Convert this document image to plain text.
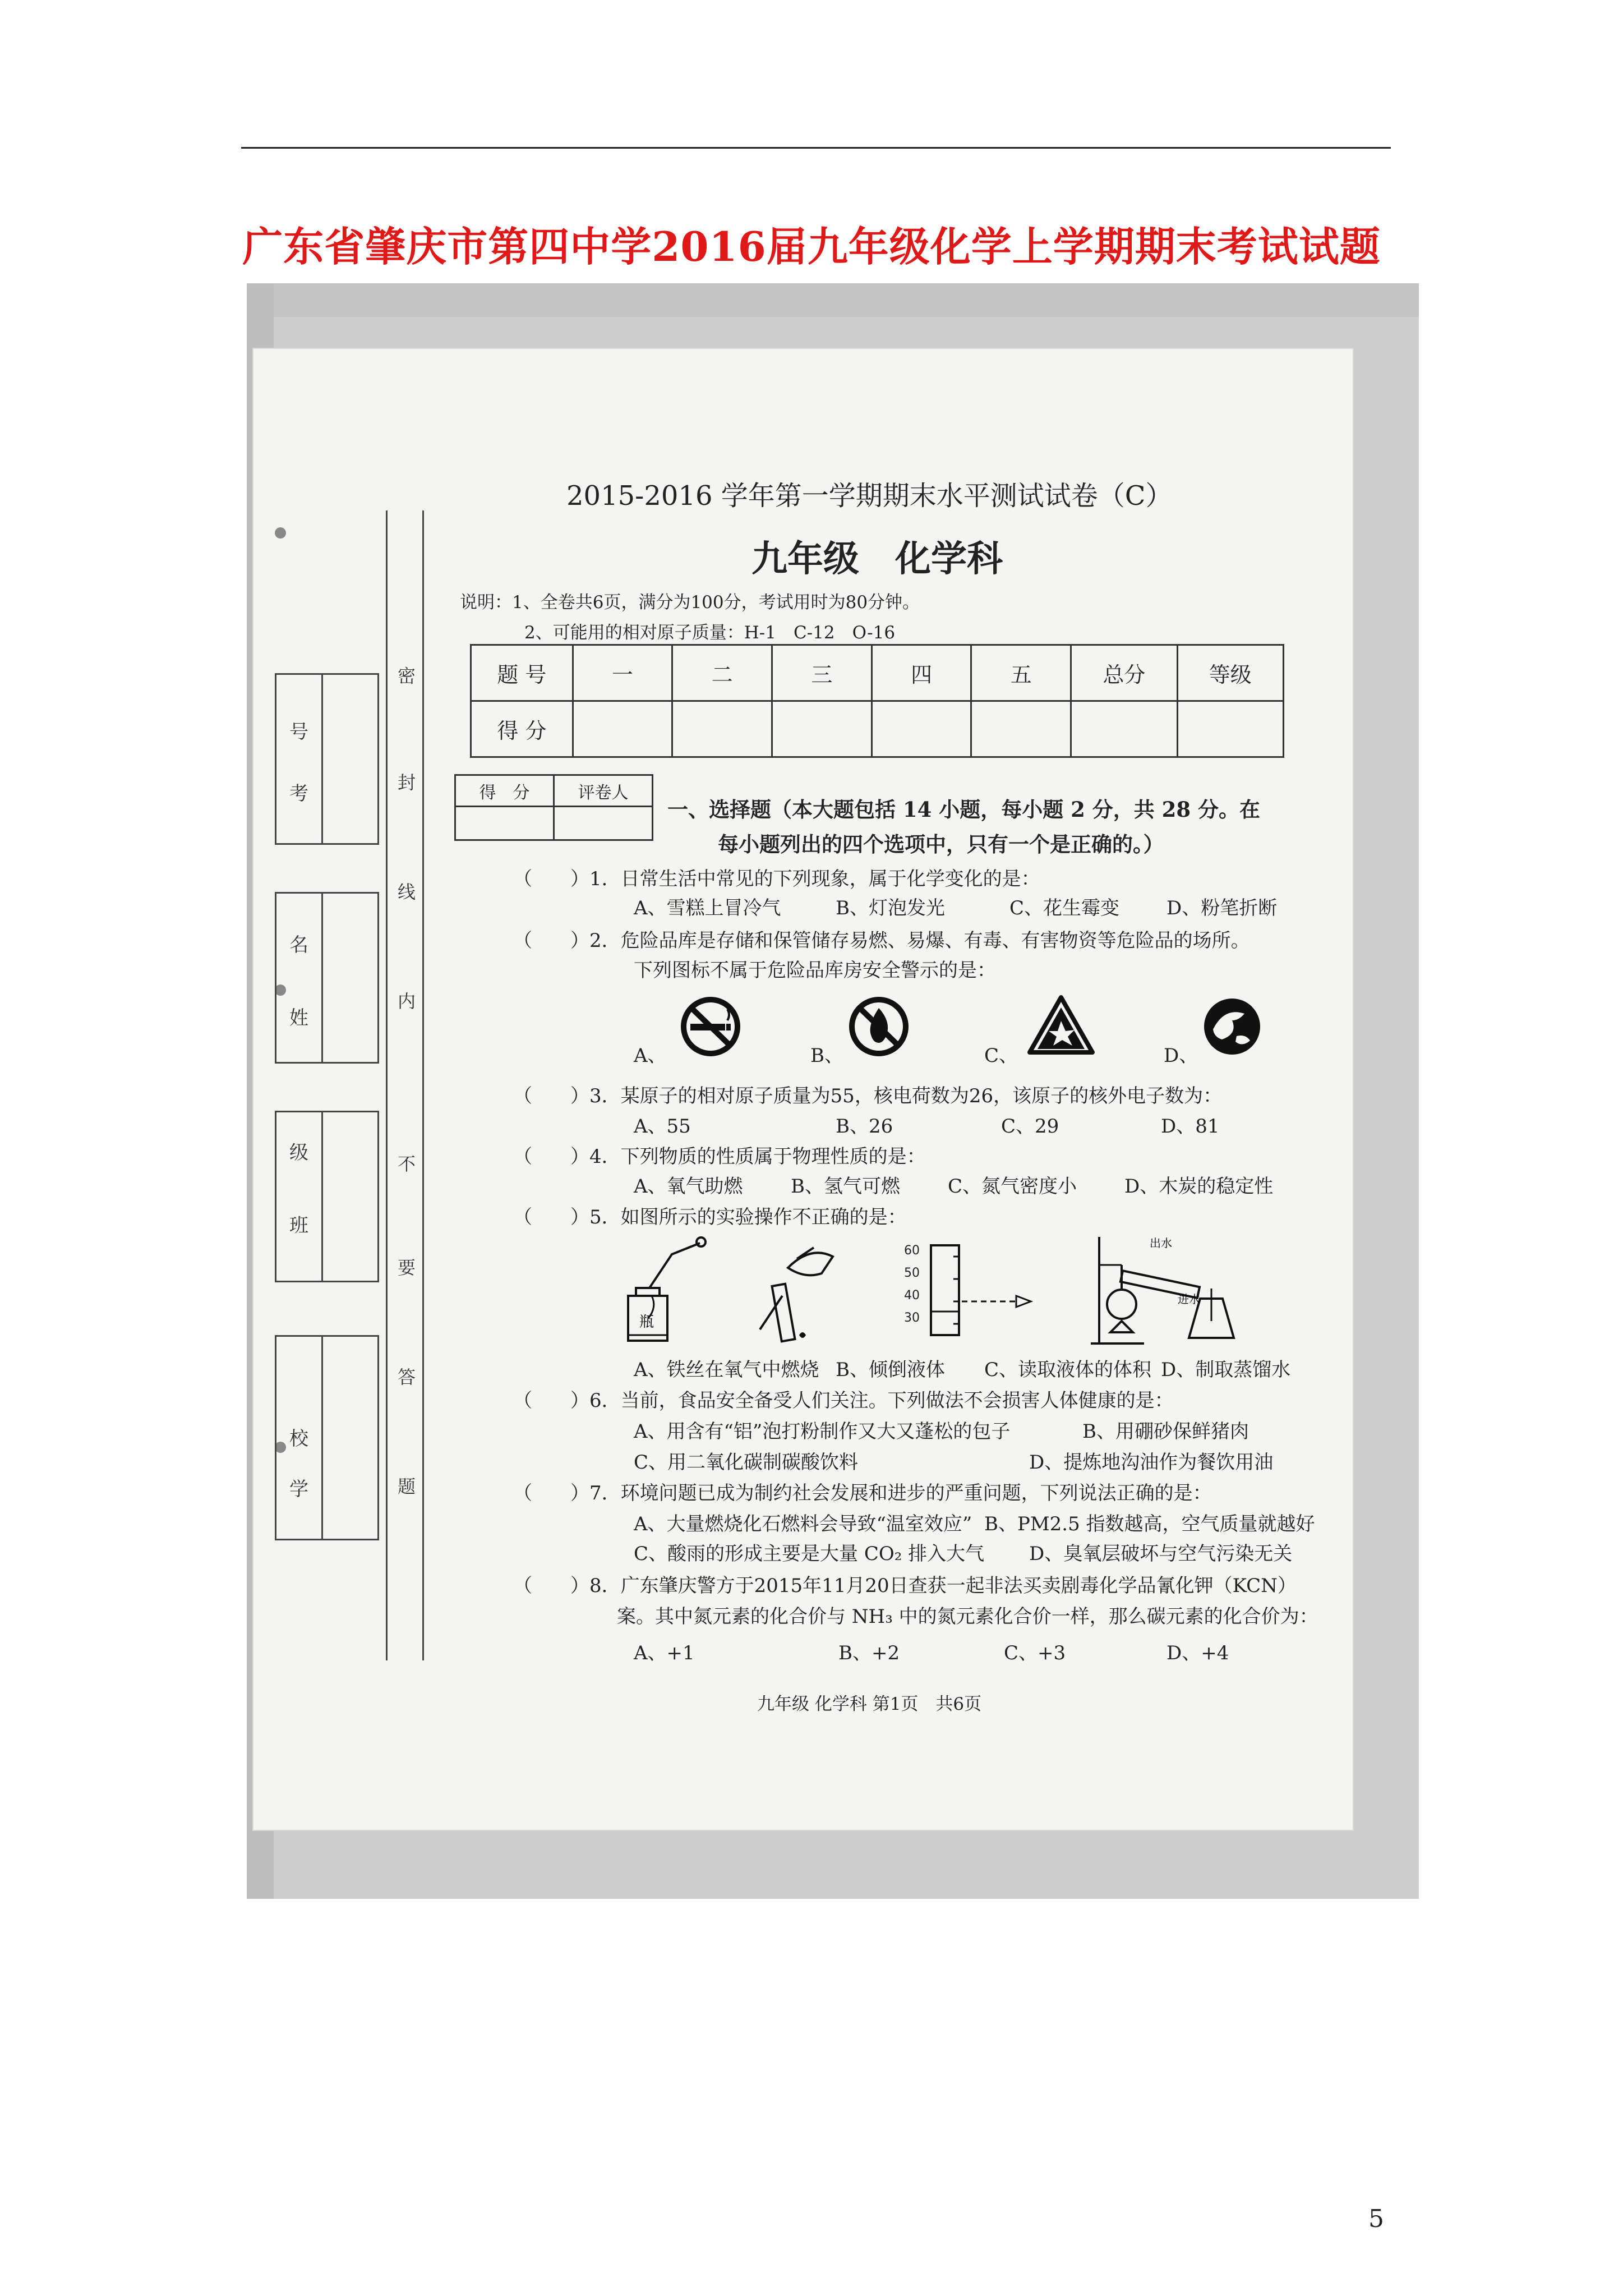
广东省肇庆市第四中学2016届九年级化学上学期期末考试试题
号
考
名
姓
级
班
校
学
密
封
线
内
不
要
答
题
2015-2016 学年第一学期期末水平测试试卷（C）
九年级　化学科
说明：1、全卷共6页，满分为100分，考试用时为80分钟。
2、可能用的相对原子质量：H-1　C-12　O-16
题 号	一	二	三	四	五	总分	等级
得 分							
得　分	评卷人

一、选择题（本大题包括 14 小题，每小题 2 分，共 28 分。在
每小题列出的四个选项中，只有一个是正确的。）
（　　）1．日常生活中常见的下列现象，属于化学变化的是：
A、雪糕上冒冷气	B、灯泡发光	C、花生霉变 D、粉笔折断
（　　）2．危险品库是存储和保管储存易燃、易爆、有毒、有害物资等危险品的场所。
下列图标不属于危险品库房安全警示的是：
A、	B、	C、	D、
（　　）3．某原子的相对原子质量为55，核电荷数为26，该原子的核外电子数为：
A、55	B、26	C、29	D、81
（　　）4．下列物质的性质属于物理性质的是：
A、氧气助燃	B、氢气可燃	C、氮气密度小 D、木炭的稳定性
（　　）5．如图所示的实验操作不正确的是：
瓶
60
50
40
30
出水
进水
A、铁丝在氧气中燃烧 B、倾倒液体 C、读取液体的体积 D、制取蒸馏水
（　　）6．当前，食品安全备受人们关注。下列做法不会损害人体健康的是：
A、用含有“铝”泡打粉制作又大又蓬松的包子	B、用硼砂保鲜猪肉
C、用二氧化碳制碳酸饮料	D、提炼地沟油作为餐饮用油
（　　）7．环境问题已成为制约社会发展和进步的严重问题，下列说法正确的是：
A、大量燃烧化石燃料会导致“温室效应” B、PM2.5 指数越高，空气质量就越好
C、酸雨的形成主要是大量 CO₂ 排入大气 D、臭氧层破坏与空气污染无关
（　　）8．广东肇庆警方于2015年11月20日查获一起非法买卖剧毒化学品氰化钾（KCN）
案。其中氮元素的化合价与 NH₃ 中的氮元素化合价一样，那么碳元素的化合价为：
A、+1	B、+2	C、+3	D、+4
九年级 化学科 第1页　共6页
5
